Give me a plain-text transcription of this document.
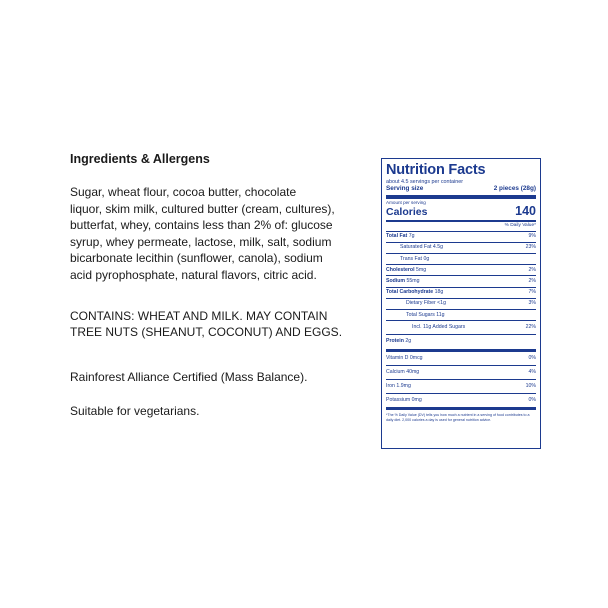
Ingredients & Allergens

Sugar, wheat flour, cocoa butter, chocolate
liquor, skim milk, cultured butter (cream, cultures),
butterfat, whey, contains less than 2% of: glucose
syrup, whey permeate, lactose, milk, salt, sodium
bicarbonate lecithin (sunflower, canola), sodium
acid pyrophosphate, natural flavors, citric acid.
CONTAINS: WHEAT AND MILK. MAY CONTAIN
TREE NUTS (SHEANUT, COCONUT) AND EGGS.

Rainforest Alliance Certified (Mass Balance).

Suitable for vegetarians.

Nutrition Facts
about 4.5 servings per container
Serving size	2 pieces (28g)
Amount per serving
Calories	140
% Daily Value*
Total Fat 7g	9%
Saturated Fat 4.5g	23%
Trans Fat 0g
Cholesterol 5mg	2%
Sodium 55mg	2%
Total Carbohydrate 18g	7%
Dietary Fiber <1g	3%
Total Sugars 11g
Incl. 11g Added Sugars	22%
Protein 2g
Vitamin D 0mcg	0%
Calcium 40mg	4%
Iron 1.9mg	10%
Potassium 0mg	0%
*The % Daily Value (DV) tells you how much a nutrient in a serving of food contributes to a daily diet. 2,000 calories a day is used for general nutrition advice.
